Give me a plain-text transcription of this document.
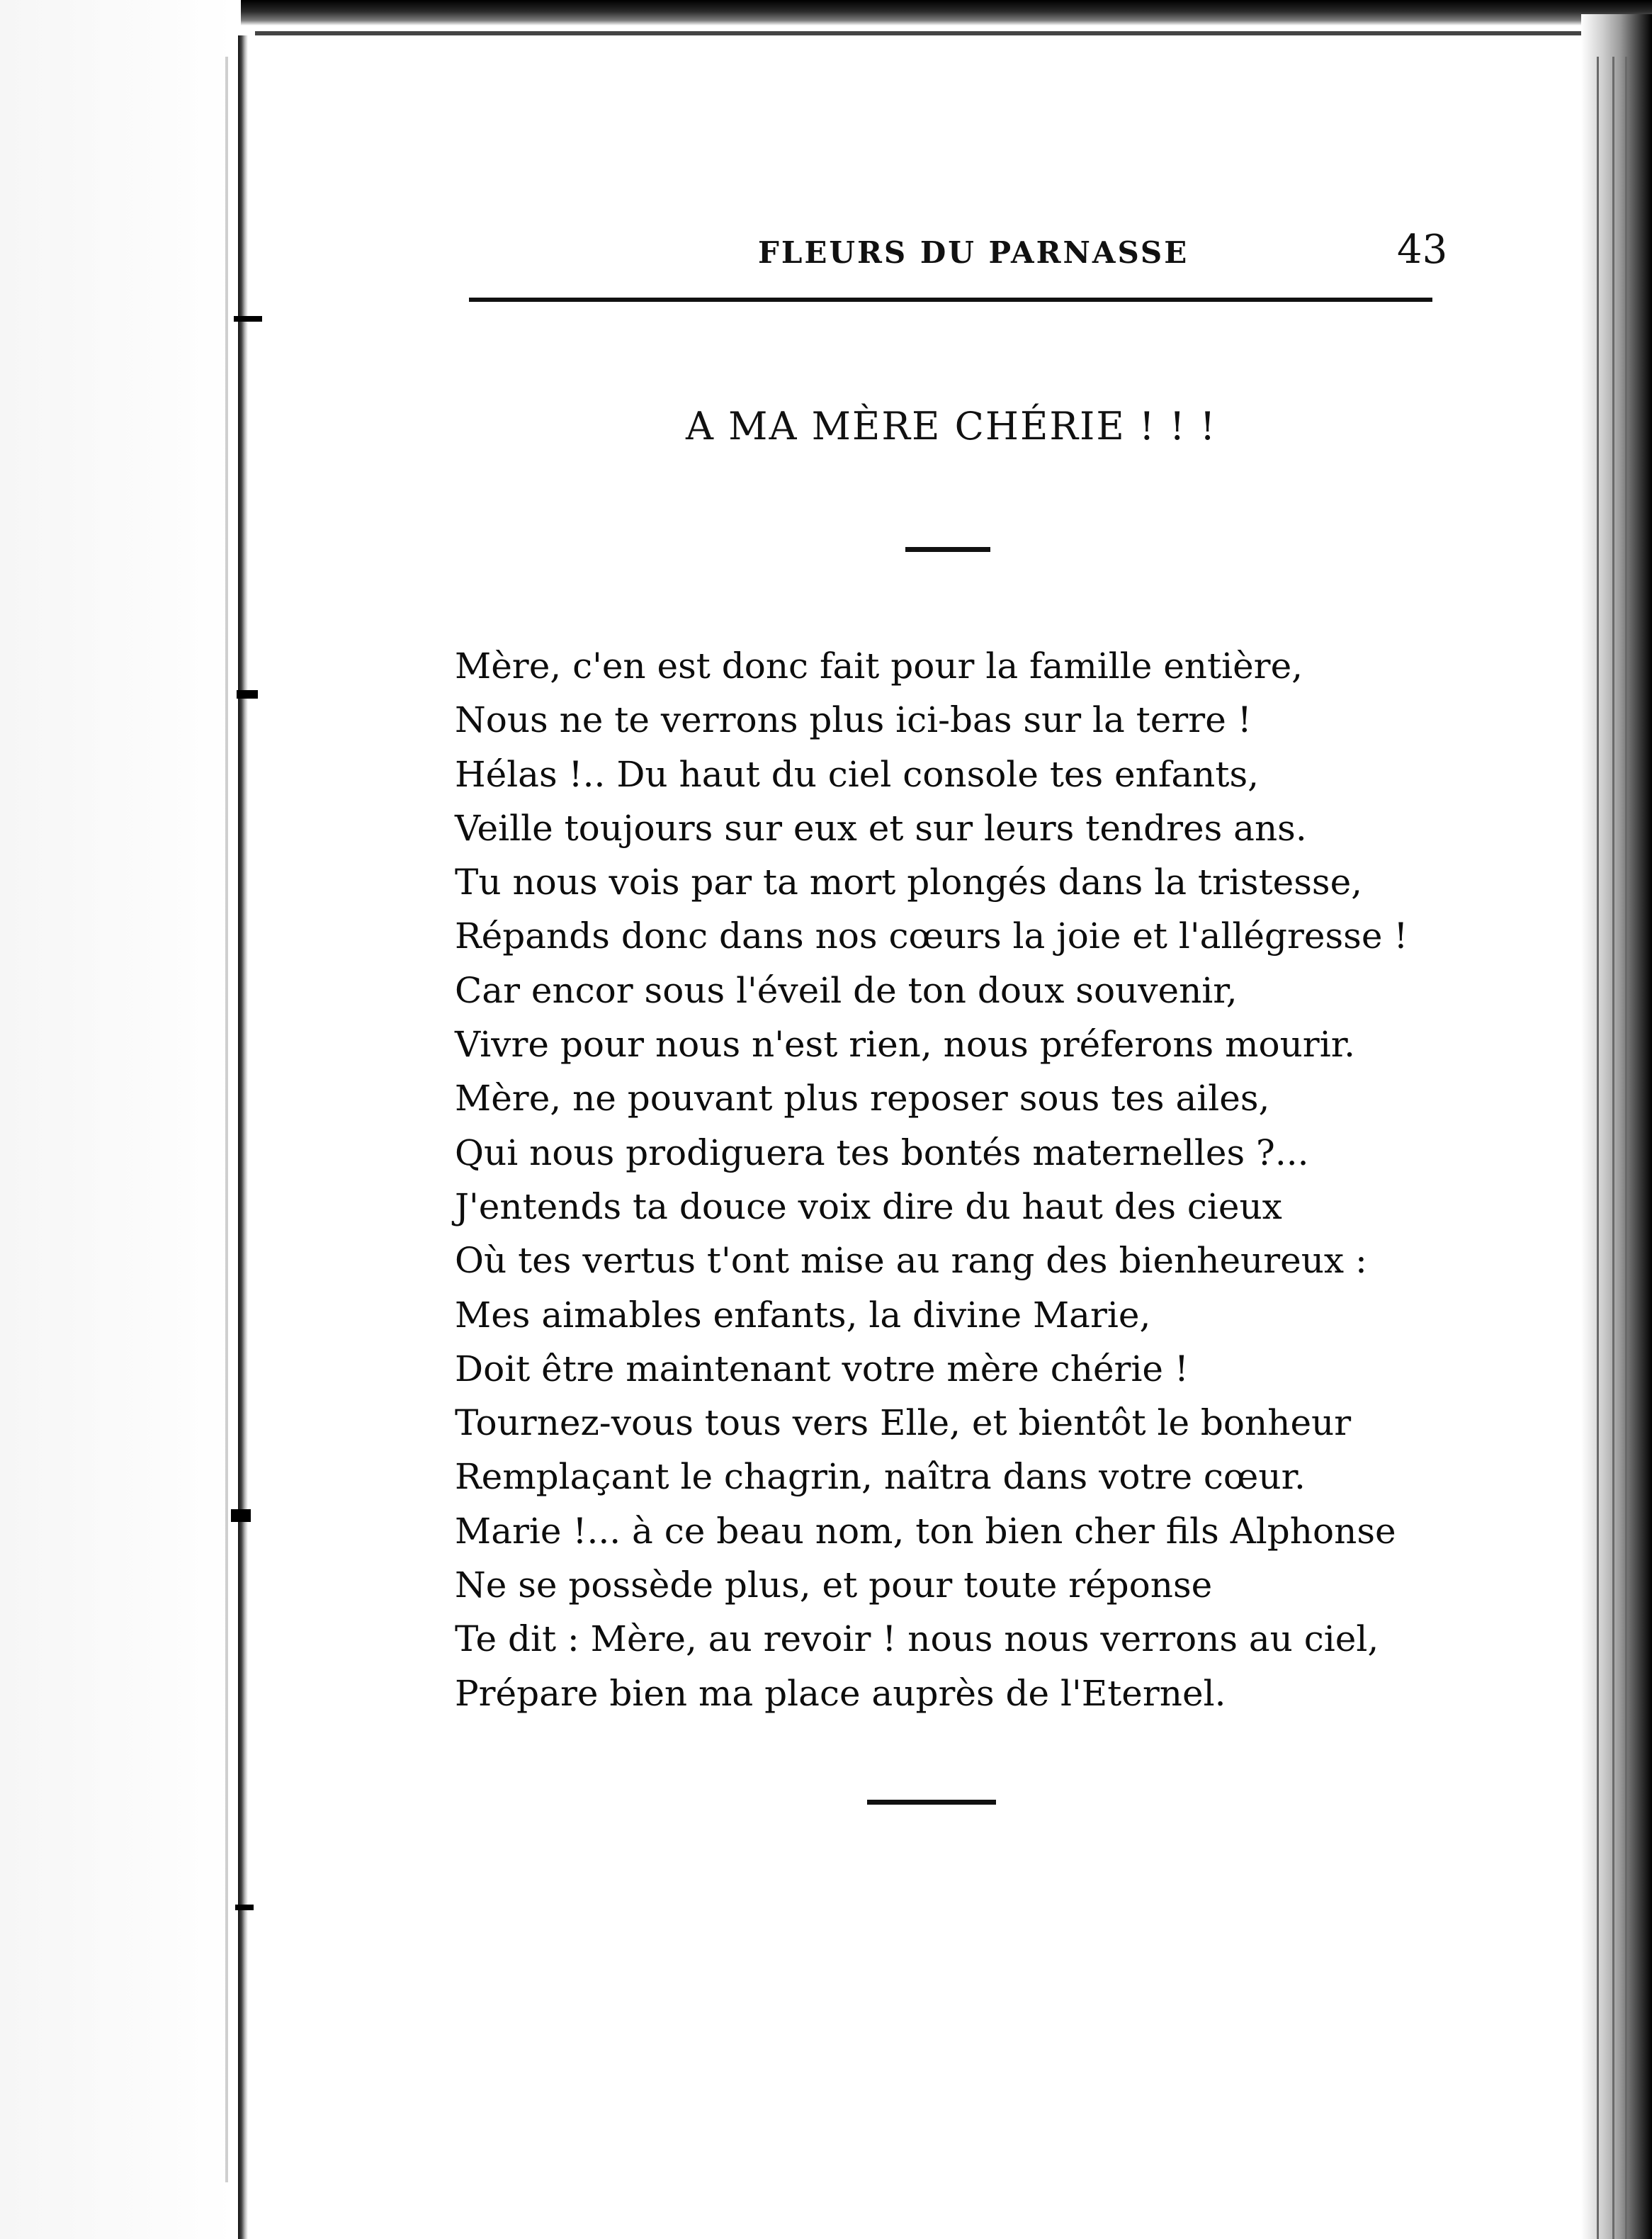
FLEURS DU PARNASSE	43
A MA MÈRE CHÉRIE ! ! !
Mère, c'en est donc fait pour la famille entière,
Nous ne te verrons plus ici-bas sur la terre !
Hélas !.. Du haut du ciel console tes enfants,
Veille toujours sur eux et sur leurs tendres ans.
Tu nous vois par ta mort plongés dans la tristesse,
Répands donc dans nos cœurs la joie et l'allégresse !
Car encor sous l'éveil de ton doux souvenir,
Vivre pour nous n'est rien, nous préferons mourir.
Mère, ne pouvant plus reposer sous tes ailes,
Qui nous prodiguera tes bontés maternelles ?...
J'entends ta douce voix dire du haut des cieux
Où tes vertus t'ont mise au rang des bienheureux :
Mes aimables enfants, la divine Marie,
Doit être maintenant votre mère chérie !
Tournez-vous tous vers Elle, et bientôt le bonheur
Remplaçant le chagrin, naîtra dans votre cœur.
Marie !... à ce beau nom, ton bien cher fils Alphonse
Ne se possède plus, et pour toute réponse
Te dit : Mère, au revoir ! nous nous verrons au ciel,
Prépare bien ma place auprès de l'Eternel.
